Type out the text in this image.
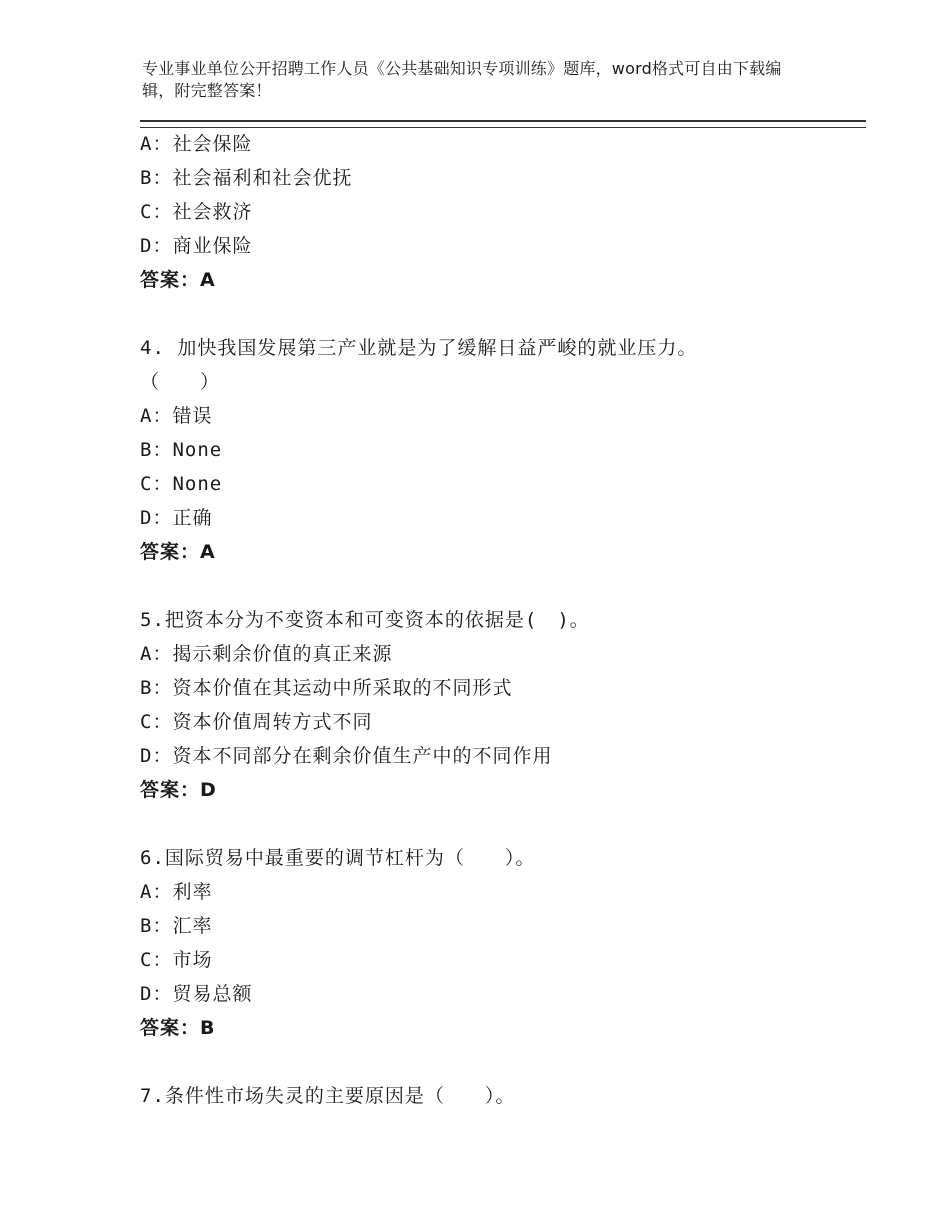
专业事业单位公开招聘工作人员《公共基础知识专项训练》题库，word格式可自由下载编辑，附完整答案！
A：社会保险
B：社会福利和社会优抚
C：社会救济
D：商业保险
答案：A
4. 加快我国发展第三产业就是为了缓解日益严峻的就业压力。
（　　）
A：错误
B：None
C：None
D：正确
答案：A
5.把资本分为不变资本和可变资本的依据是(　)。
A：揭示剩余价值的真正来源
B：资本价值在其运动中所采取的不同形式
C：资本价值周转方式不同
D：资本不同部分在剩余价值生产中的不同作用
答案：D
6.国际贸易中最重要的调节杠杆为（　　）。
A：利率
B：汇率
C：市场
D：贸易总额
答案：B
7.条件性市场失灵的主要原因是（　　）。
